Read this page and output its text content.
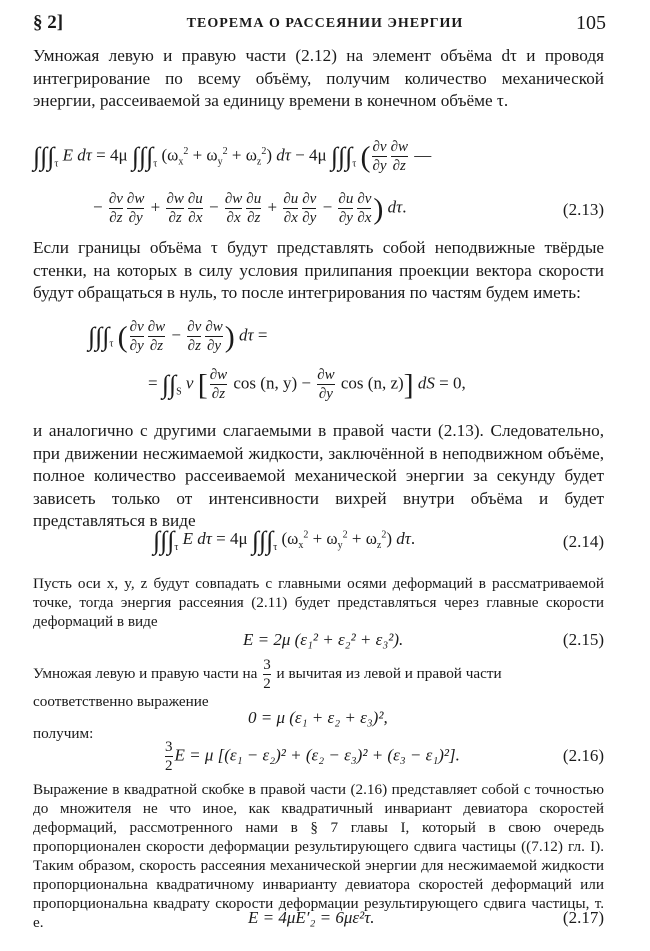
§ 2]	ТЕОРЕМА О РАССЕЯНИИ ЭНЕРГИИ	105
Умножая левую и правую части (2.12) на элемент объёма dτ и проводя интегрирование по всему объёму, получим количество механической энергии, рассеиваемой за единицу времени в конечном объёме τ.
$\int\int\int_\tau$ E dτ = 4μ $\int\int\int_\tau$ $(\omega_x^2 + \omega_y^2 + \omega_z^2) d\tau - 4\mu$ $\int\int\int_\tau$ ( $\frac{\partial v}{\partial y} \frac{\partial w}{\partial z}$ —
− $\frac{\partial v}{\partial z} \frac{\partial w}{\partial y} + \frac{\partial w}{\partial z} \frac{\partial u}{\partial x} - \frac{\partial w}{\partial x} \frac{\partial u}{\partial z} + \frac{\partial u}{\partial x} \frac{\partial v}{\partial y} - \frac{\partial u}{\partial y} \frac{\partial v}{\partial x}$ ) dτ.	(2.13)
Если границы объёма τ будут представлять собой неподвижные твёрдые стенки, на которых в силу условия прилипания проекции вектора скорости будут обращаться в нуль, то после интегрирования по частям будем иметь:
$\int\int\int_\tau$ ( $\frac{\partial v}{\partial y} \frac{\partial w}{\partial z} - \frac{\partial v}{\partial z} \frac{\partial w}{\partial y}$ ) dτ =
= $\int\int_S$ v [ $\frac{\partial w}{\partial z}$ cos (n, $y) - \frac{\partial w}{\partial y}$ cos (n, z)] dS = 0,
и аналогично с другими слагаемыми в правой части (2.13). Следовательно, при движении несжимаемой жидкости, заключённой в неподвижном объёме, полное количество рассеиваемой механической энергии за секунду будет зависеть только от интенсивности вихрей внутри объёма и будет представляться в виде
$\int\int\int_\tau$ E dτ = 4μ $\int\int\int_\tau$ $(\omega_x^2 + \omega_y^2 + \omega_z^2)$ dτ.	(2.14)
Пусть оси x, y, z будут совпадать с главными осями деформаций в рассматриваемой точке, тогда энергия рассеяния (2.11) будет представляться через главные скорости деформаций в виде
E = 2μ (ε₁² + ε₂² + ε₃²).	(2.15)
Умножая левую и правую части на $\frac{3}{2}$ и вычитая из левой и правой части
соответственно выражение
0 = μ (ε₁ + ε₂ + ε₃)²,
получим:
$\frac{3}{2}$ E = μ [(ε₁ − ε₂)² + (ε₂ − ε₃)² + (ε₃ − ε₁)²].	(2.16)
Выражение в квадратной скобке в правой части (2.16) представляет собой с точностью до множителя не что иное, как квадратичный инвариант девиатора скоростей деформаций, рассмотренного нами в § 7 главы I, который в свою очередь пропорционален скорости деформации результирующего сдвига частицы ((7.12) гл. I). Таким образом, скорость рассеяния механической энергии для несжимаемой жидкости пропорциональна квадратичному инварианту девиатора скоростей деформаций или пропорциональна квадрату скорости деформации результирующего сдвига частицы, т. е.	E = 4μE′₂ = 6με²τ.	(2.17)
